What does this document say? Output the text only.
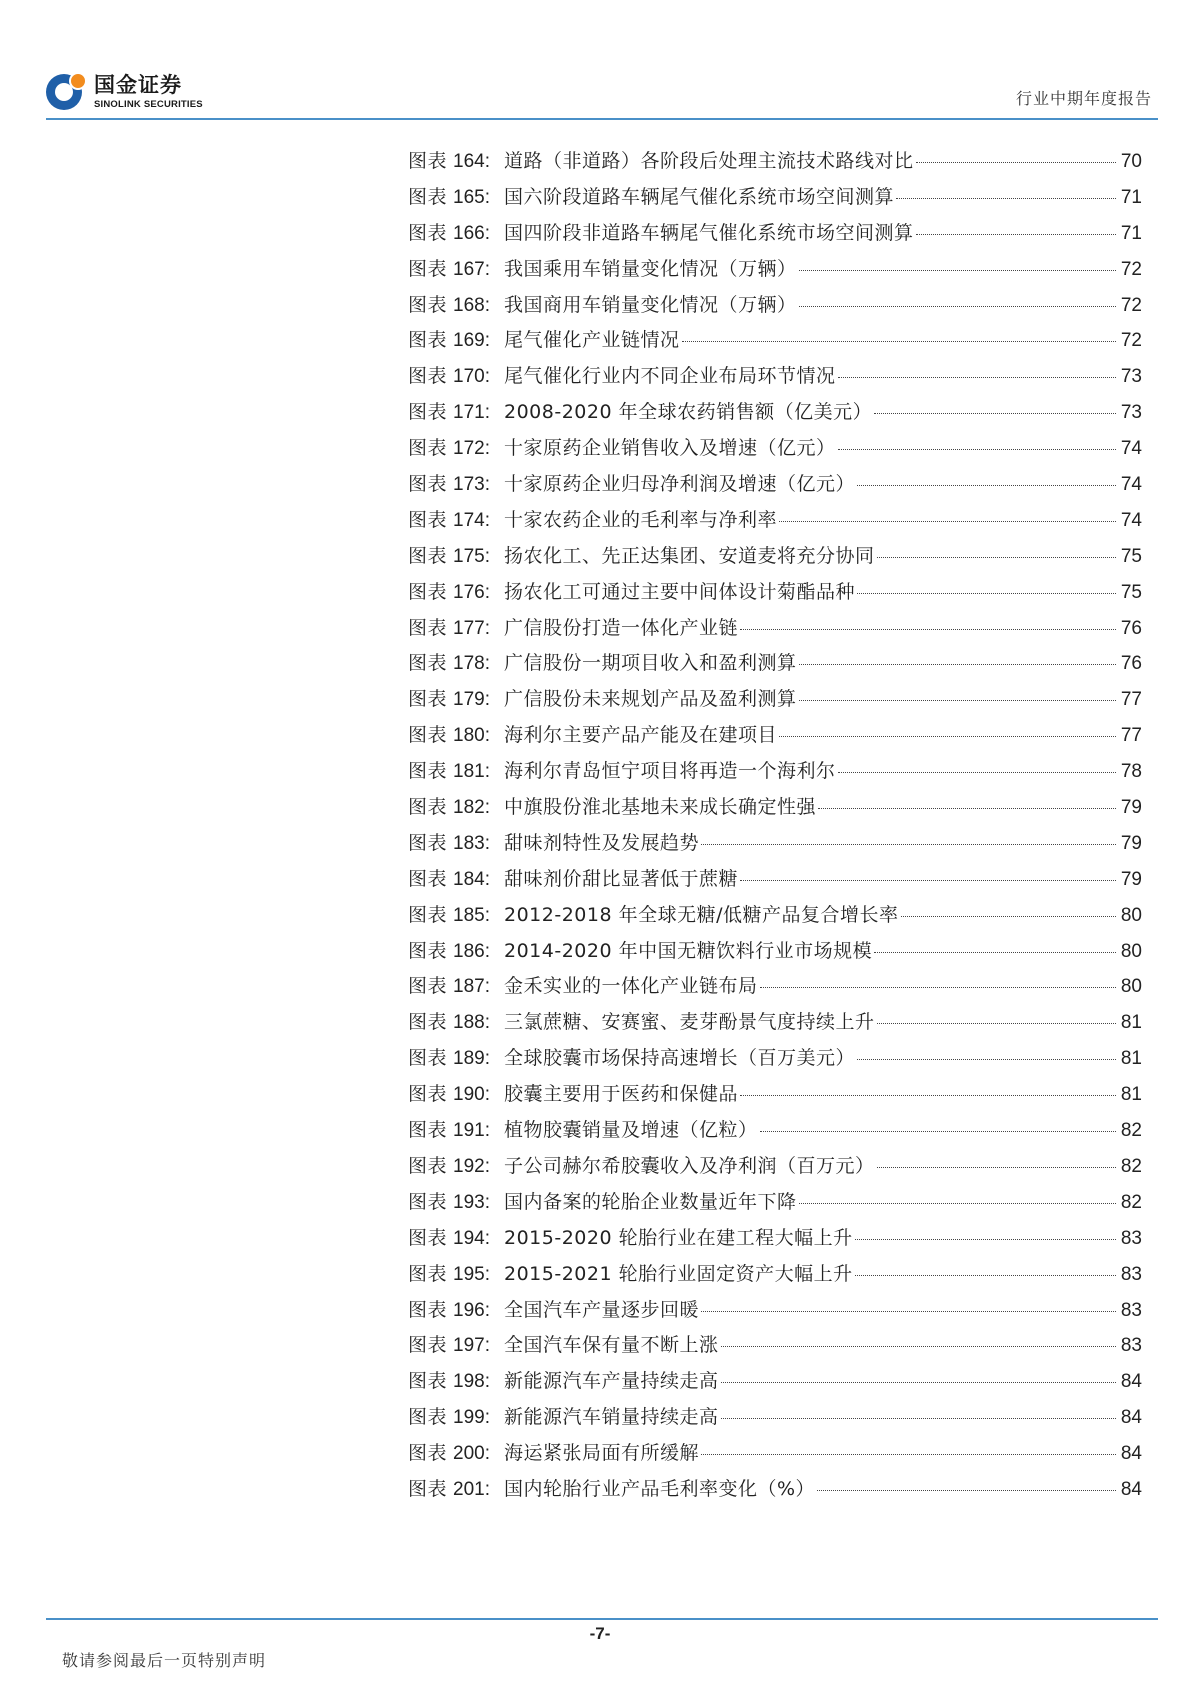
国金证券
SINOLINK SECURITIES	行业中期年度报告
图表 164: 道路（非道路）各阶段后处理主流技术路线对比	70
图表 165: 国六阶段道路车辆尾气催化系统市场空间测算	71
图表 166: 国四阶段非道路车辆尾气催化系统市场空间测算	71
图表 167: 我国乘用车销量变化情况（万辆）	72
图表 168: 我国商用车销量变化情况（万辆）	72
图表 169: 尾气催化产业链情况	72
图表 170: 尾气催化行业内不同企业布局环节情况	73
图表 171: 2008-2020 年全球农药销售额（亿美元）	73
图表 172: 十家原药企业销售收入及增速（亿元）	74
图表 173: 十家原药企业归母净利润及增速（亿元）	74
图表 174: 十家农药企业的毛利率与净利率	74
图表 175: 扬农化工、先正达集团、安道麦将充分协同	75
图表 176: 扬农化工可通过主要中间体设计菊酯品种	75
图表 177: 广信股份打造一体化产业链	76
图表 178: 广信股份一期项目收入和盈利测算	76
图表 179: 广信股份未来规划产品及盈利测算	77
图表 180: 海利尔主要产品产能及在建项目	77
图表 181: 海利尔青岛恒宁项目将再造一个海利尔	78
图表 182: 中旗股份淮北基地未来成长确定性强	79
图表 183: 甜味剂特性及发展趋势	79
图表 184: 甜味剂价甜比显著低于蔗糖	79
图表 185: 2012-2018 年全球无糖/低糖产品复合增长率	80
图表 186: 2014-2020 年中国无糖饮料行业市场规模	80
图表 187: 金禾实业的一体化产业链布局	80
图表 188: 三氯蔗糖、安赛蜜、麦芽酚景气度持续上升	81
图表 189: 全球胶囊市场保持高速增长（百万美元）	81
图表 190: 胶囊主要用于医药和保健品	81
图表 191: 植物胶囊销量及增速（亿粒）	82
图表 192: 子公司赫尔希胶囊收入及净利润（百万元）	82
图表 193: 国内备案的轮胎企业数量近年下降	82
图表 194: 2015-2020 轮胎行业在建工程大幅上升	83
图表 195: 2015-2021 轮胎行业固定资产大幅上升	83
图表 196: 全国汽车产量逐步回暖	83
图表 197: 全国汽车保有量不断上涨	83
图表 198: 新能源汽车产量持续走高	84
图表 199: 新能源汽车销量持续走高	84
图表 200: 海运紧张局面有所缓解	84
图表 201: 国内轮胎行业产品毛利率变化（%）	84
-7-
敬请参阅最后一页特别声明
